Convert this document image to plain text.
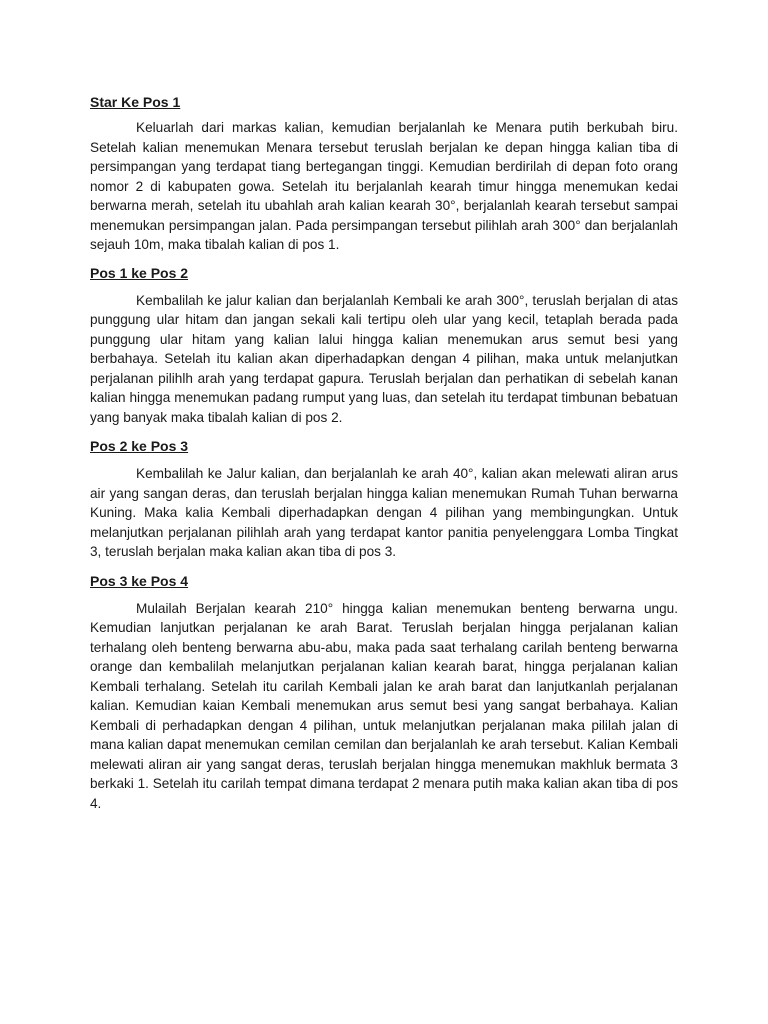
Star Ke Pos 1

Keluarlah dari markas kalian, kemudian berjalanlah ke Menara putih berkubah biru. Setelah kalian menemukan Menara tersebut teruslah berjalan ke depan hingga kalian tiba di persimpangan yang terdapat tiang bertegangan tinggi. Kemudian berdirilah di depan foto orang nomor 2 di kabupaten gowa. Setelah itu berjalanlah kearah timur hingga menemukan kedai berwarna merah, setelah itu ubahlah arah kalian kearah 30°, berjalanlah kearah tersebut sampai menemukan persimpangan jalan. Pada persimpangan tersebut pilihlah arah 300° dan berjalanlah sejauh 10m, maka tibalah kalian di pos 1.

Pos 1 ke Pos 2

Kembalilah ke jalur kalian dan berjalanlah Kembali ke arah 300°, teruslah berjalan di atas punggung ular hitam dan jangan sekali kali tertipu oleh ular yang kecil, tetaplah berada pada punggung ular hitam yang kalian lalui hingga kalian menemukan arus semut besi yang berbahaya. Setelah itu kalian akan diperhadapkan dengan 4 pilihan, maka untuk melanjutkan perjalanan pilihlh arah yang terdapat gapura. Teruslah berjalan dan perhatikan di sebelah kanan kalian hingga menemukan padang rumput yang luas, dan setelah itu terdapat timbunan bebatuan yang banyak maka tibalah kalian di pos 2.

Pos 2 ke Pos 3

Kembalilah ke Jalur kalian, dan berjalanlah ke arah 40°, kalian akan melewati aliran arus air yang sangan deras, dan teruslah berjalan hingga kalian menemukan Rumah Tuhan berwarna Kuning. Maka kalia Kembali diperhadapkan dengan 4 pilihan yang membingungkan. Untuk melanjutkan perjalanan pilihlah arah yang terdapat kantor panitia penyelenggara Lomba Tingkat 3, teruslah berjalan maka kalian akan tiba di pos 3.

Pos 3 ke Pos 4

Mulailah Berjalan kearah 210° hingga kalian menemukan benteng berwarna ungu. Kemudian lanjutkan perjalanan ke arah Barat. Teruslah berjalan hingga perjalanan kalian terhalang oleh benteng berwarna abu-abu, maka pada saat terhalang carilah benteng berwarna orange dan kembalilah melanjutkan perjalanan kalian kearah barat, hingga perjalanan kalian Kembali terhalang. Setelah itu carilah Kembali jalan ke arah barat dan lanjutkanlah perjalanan kalian. Kemudian kaian Kembali menemukan arus semut besi yang sangat berbahaya. Kalian Kembali di perhadapkan dengan 4 pilihan, untuk melanjutkan perjalanan maka pililah jalan di mana kalian dapat menemukan cemilan cemilan dan berjalanlah ke arah tersebut. Kalian Kembali melewati aliran air yang sangat deras, teruslah berjalan hingga menemukan makhluk bermata 3 berkaki 1. Setelah itu carilah tempat dimana terdapat 2 menara putih maka kalian akan tiba di pos 4.
